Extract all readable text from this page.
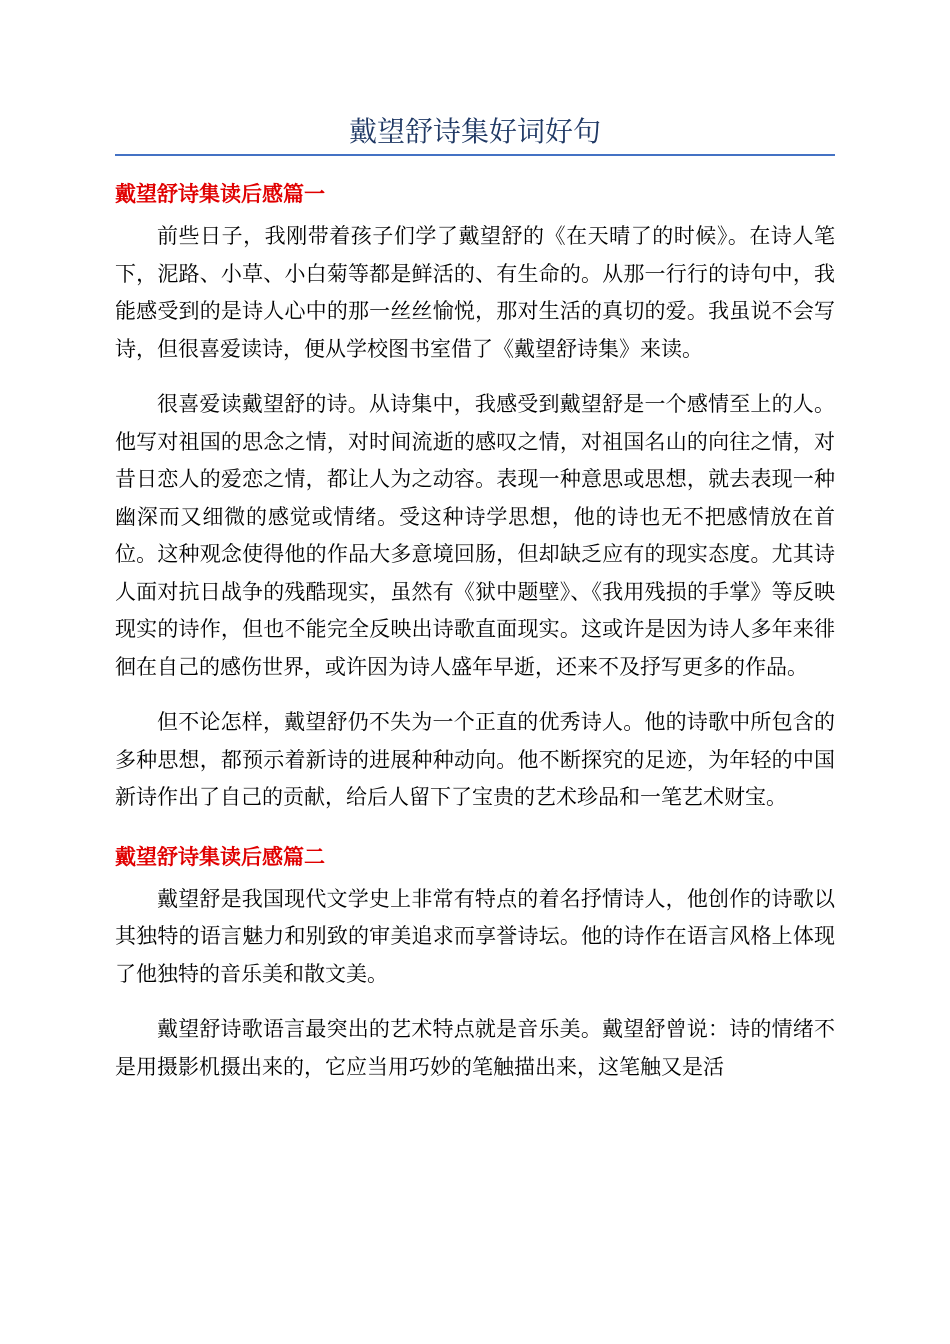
戴望舒诗集好词好句
戴望舒诗集读后感篇一

前些日子，我刚带着孩子们学了戴望舒的《在天晴了的时候》。在诗人笔下，泥路、小草、小白菊等都是鲜活的、有生命的。从那一行行的诗句中，我能感受到的是诗人心中的那一丝丝愉悦，那对生活的真切的爱。我虽说不会写诗，但很喜爱读诗，便从学校图书室借了《戴望舒诗集》来读。

很喜爱读戴望舒的诗。从诗集中，我感受到戴望舒是一个感情至上的人。他写对祖国的思念之情，对时间流逝的感叹之情，对祖国名山的向往之情，对昔日恋人的爱恋之情，都让人为之动容。表现一种意思或思想，就去表现一种幽深而又细微的感觉或情绪。受这种诗学思想，他的诗也无不把感情放在首位。这种观念使得他的作品大多意境回肠，但却缺乏应有的现实态度。尤其诗人面对抗日战争的残酷现实，虽然有《狱中题壁》、《我用残损的手掌》等反映现实的诗作，但也不能完全反映出诗歌直面现实。这或许是因为诗人多年来徘徊在自己的感伤世界，或许因为诗人盛年早逝，还来不及抒写更多的作品。

但不论怎样，戴望舒仍不失为一个正直的优秀诗人。他的诗歌中所包含的多种思想，都预示着新诗的进展种种动向。他不断探究的足迹，为年轻的中国新诗作出了自己的贡献，给后人留下了宝贵的艺术珍品和一笔艺术财宝。

戴望舒诗集读后感篇二

戴望舒是我国现代文学史上非常有特点的着名抒情诗人，他创作的诗歌以其独特的语言魅力和别致的审美追求而享誉诗坛。他的诗作在语言风格上体现了他独特的音乐美和散文美。

戴望舒诗歌语言最突出的艺术特点就是音乐美。戴望舒曾说：诗的情绪不是用摄影机摄出来的，它应当用巧妙的笔触描出来，这笔触又是活
